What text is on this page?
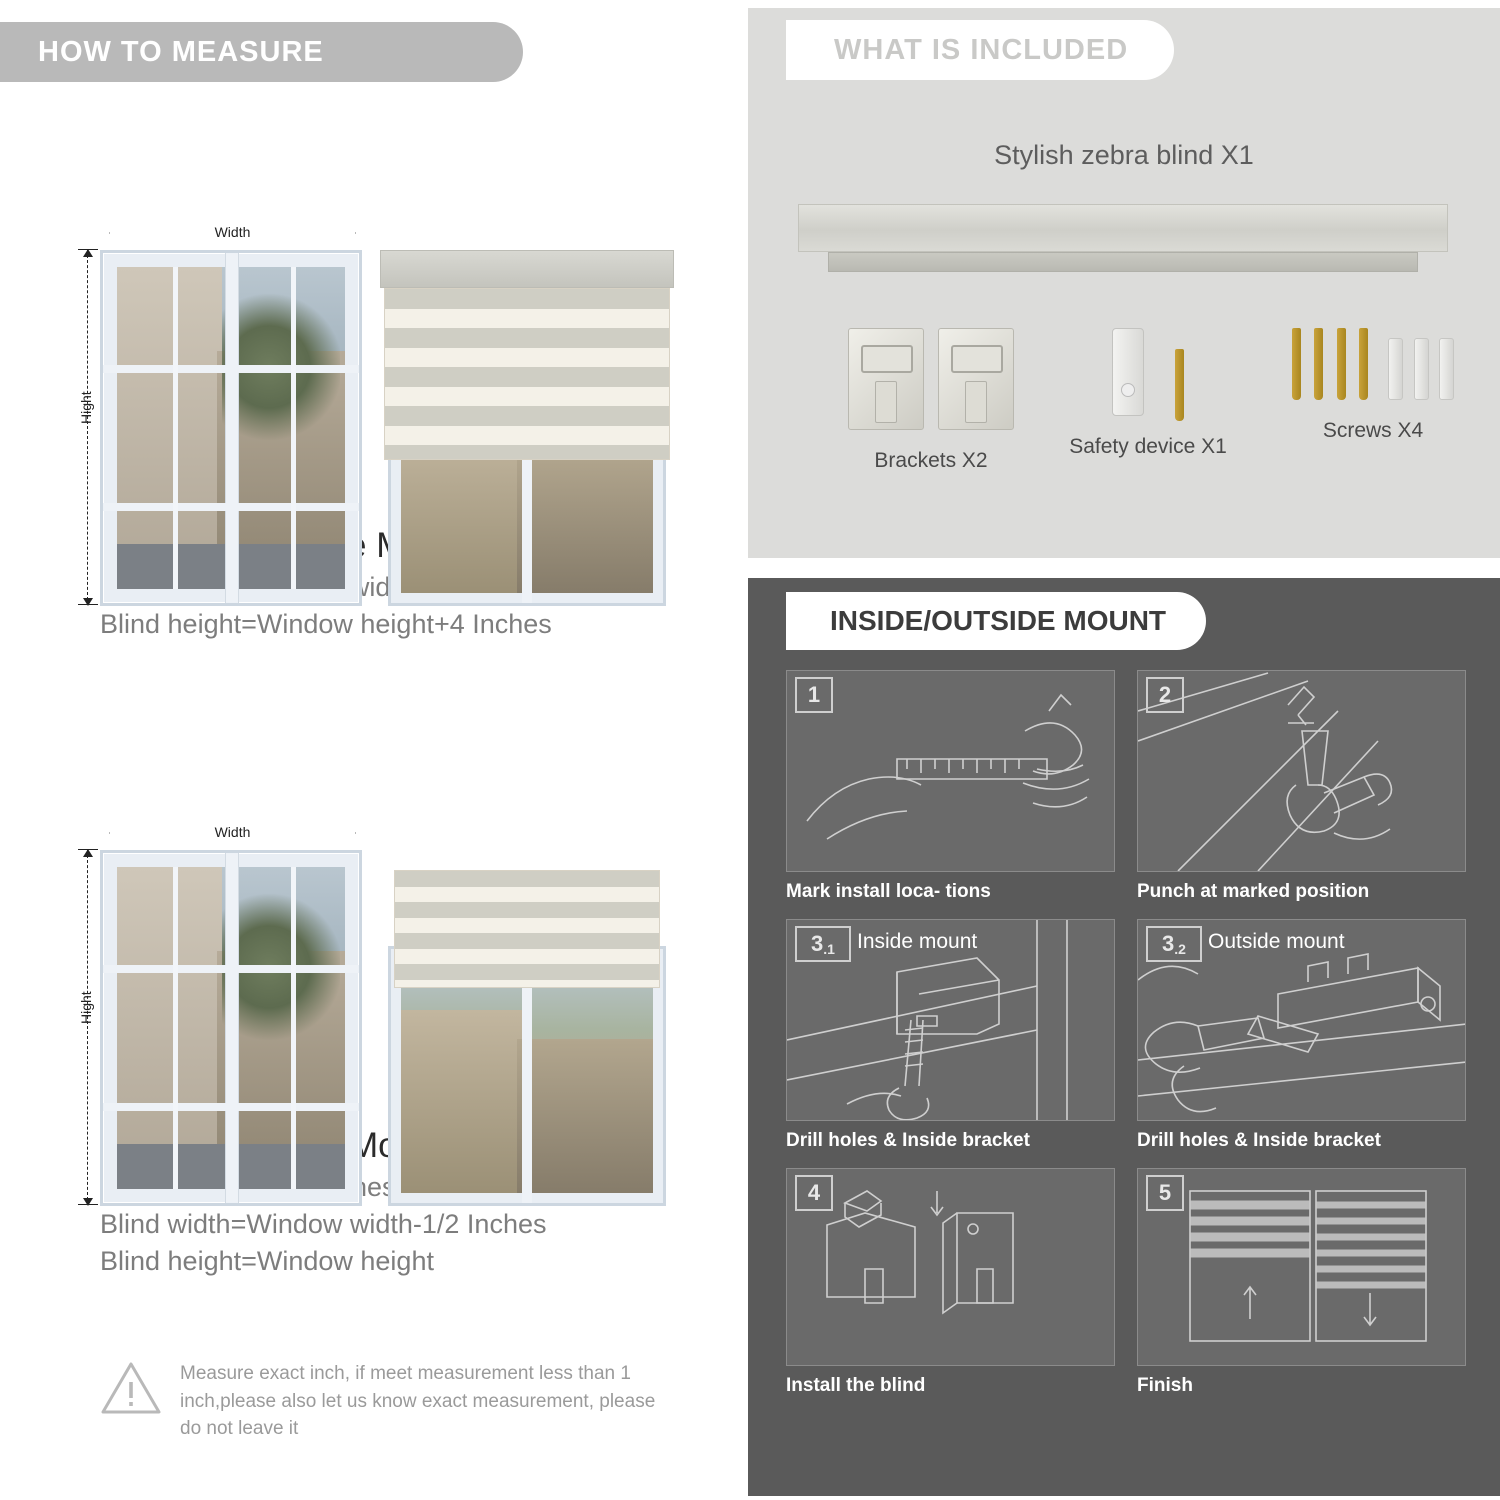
HOW TO MEASURE
Width
Hight
Blind height=Window height+4 Inches
Width
Hight
Blind width=Window width-1/2 Inches
Blind height=Window height
Measure exact inch, if meet measurement less than 1 inch,please also let us know exact measurement, please do not leave it
WHAT IS INCLUDED
Stylish zebra blind X1

Brackets X2

Safety device X1

Screws X4
INSIDE/OUTSIDE MOUNT
1
Mark install loca- tions
2
Punch at marked position
3 .1 Inside mount
Drill holes & Inside bracket
3 .2 Outside mount
Drill holes & Inside bracket
4
Install the blind
5
Finish
